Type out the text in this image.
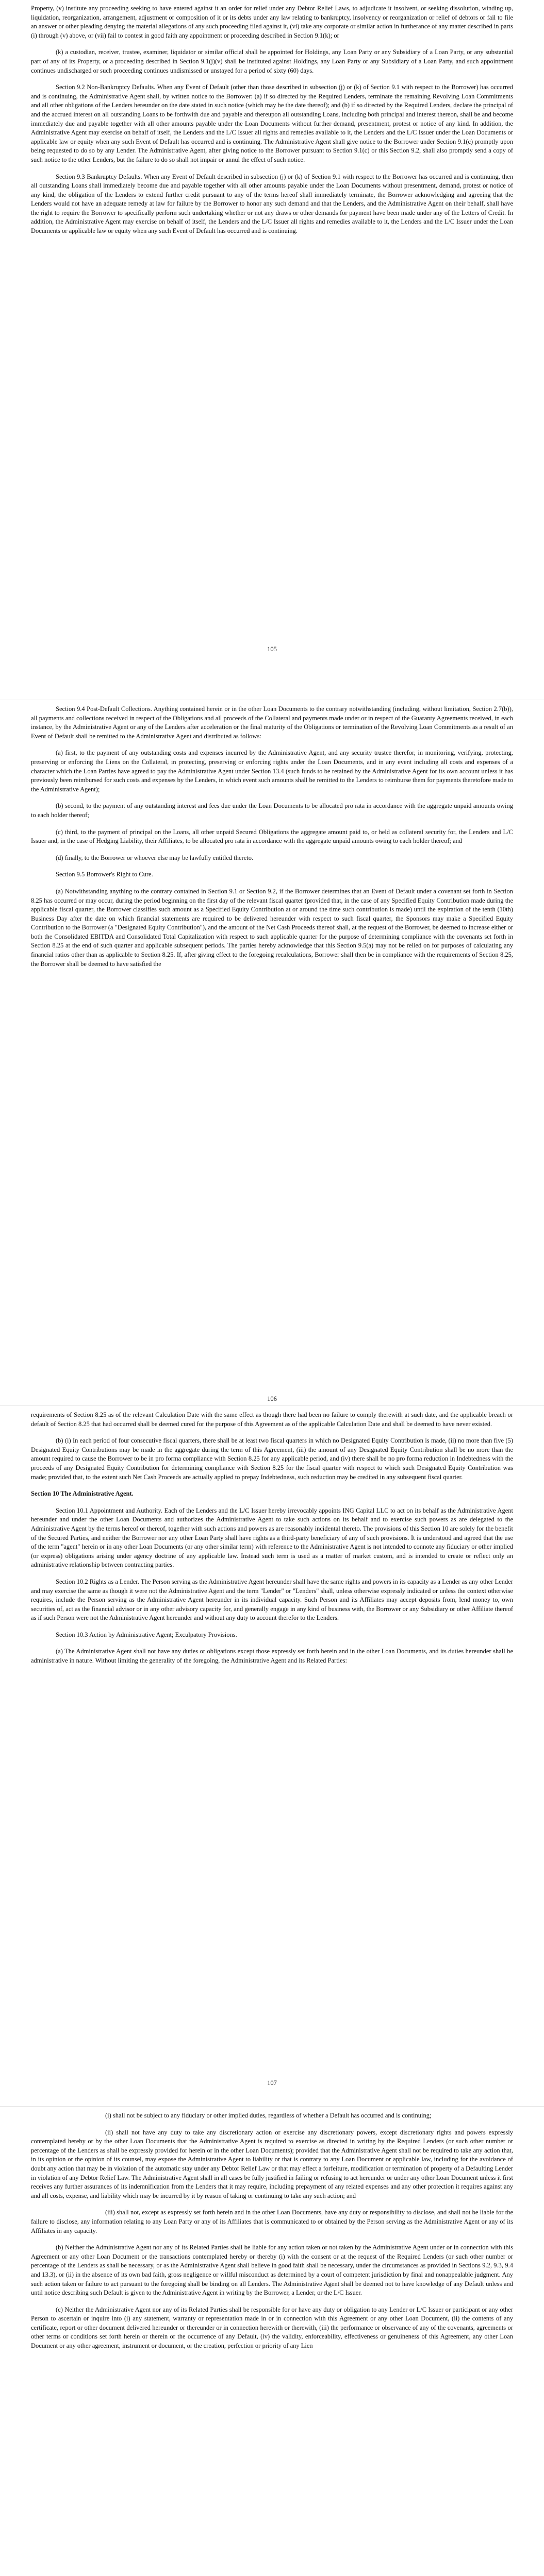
Property, (v) institute any proceeding seeking to have entered against it an order for relief under any Debtor Relief Laws, to adjudicate it insolvent, or seeking dissolution, winding up, liquidation, reorganization, arrangement, adjustment or composition of it or its debts under any law relating to bankruptcy, insolvency or reorganization or relief of debtors or fail to file an answer or other pleading denying the material allegations of any such proceeding filed against it, (vi) take any corporate or similar action in furtherance of any matter described in parts (i) through (v) above, or (vii) fail to contest in good faith any appointment or proceeding described in Section 9.1(k); or

(k) a custodian, receiver, trustee, examiner, liquidator or similar official shall be appointed for Holdings, any Loan Party or any Subsidiary of a Loan Party, or any substantial part of any of its Property, or a proceeding described in Section 9.1(j)(v) shall be instituted against Holdings, any Loan Party or any Subsidiary of a Loan Party, and such appointment continues undischarged or such proceeding continues undismissed or unstayed for a period of sixty (60) days.

Section 9.2 Non-Bankruptcy Defaults. When any Event of Default (other than those described in subsection (j) or (k) of Section 9.1 with respect to the Borrower) has occurred and is continuing, the Administrative Agent shall, by written notice to the Borrower: (a) if so directed by the Required Lenders, terminate the remaining Revolving Loan Commitments and all other obligations of the Lenders hereunder on the date stated in such notice (which may be the date thereof); and (b) if so directed by the Required Lenders, declare the principal of and the accrued interest on all outstanding Loans to be forthwith due and payable and thereupon all outstanding Loans, including both principal and interest thereon, shall be and become immediately due and payable together with all other amounts payable under the Loan Documents without further demand, presentment, protest or notice of any kind. In addition, the Administrative Agent may exercise on behalf of itself, the Lenders and the L/C Issuer all rights and remedies available to it, the Lenders and the L/C Issuer under the Loan Documents or applicable law or equity when any such Event of Default has occurred and is continuing. The Administrative Agent shall give notice to the Borrower under Section 9.1(c) promptly upon being requested to do so by any Lender. The Administrative Agent, after giving notice to the Borrower pursuant to Section 9.1(c) or this Section 9.2, shall also promptly send a copy of such notice to the other Lenders, but the failure to do so shall not impair or annul the effect of such notice.

Section 9.3 Bankruptcy Defaults. When any Event of Default described in subsection (j) or (k) of Section 9.1 with respect to the Borrower has occurred and is continuing, then all outstanding Loans shall immediately become due and payable together with all other amounts payable under the Loan Documents without presentment, demand, protest or notice of any kind, the obligation of the Lenders to extend further credit pursuant to any of the terms hereof shall immediately terminate, the Borrower acknowledging and agreeing that the Lenders would not have an adequate remedy at law for failure by the Borrower to honor any such demand and that the Lenders, and the Administrative Agent on their behalf, shall have the right to require the Borrower to specifically perform such undertaking whether or not any draws or other demands for payment have been made under any of the Letters of Credit. In addition, the Administrative Agent may exercise on behalf of itself, the Lenders and the L/C Issuer all rights and remedies available to it, the Lenders and the L/C Issuer under the Loan Documents or applicable law or equity when any such Event of Default has occurred and is continuing.

105

Section 9.4 Post-Default Collections. Anything contained herein or in the other Loan Documents to the contrary notwithstanding (including, without limitation, Section 2.7(b)), all payments and collections received in respect of the Obligations and all proceeds of the Collateral and payments made under or in respect of the Guaranty Agreements received, in each instance, by the Administrative Agent or any of the Lenders after acceleration or the final maturity of the Obligations or termination of the Revolving Loan Commitments as a result of an Event of Default shall be remitted to the Administrative Agent and distributed as follows:

(a) first, to the payment of any outstanding costs and expenses incurred by the Administrative Agent, and any security trustee therefor, in monitoring, verifying, protecting, preserving or enforcing the Liens on the Collateral, in protecting, preserving or enforcing rights under the Loan Documents, and in any event including all costs and expenses of a character which the Loan Parties have agreed to pay the Administrative Agent under Section 13.4 (such funds to be retained by the Administrative Agent for its own account unless it has previously been reimbursed for such costs and expenses by the Lenders, in which event such amounts shall be remitted to the Lenders to reimburse them for payments theretofore made to the Administrative Agent);

(b) second, to the payment of any outstanding interest and fees due under the Loan Documents to be allocated pro rata in accordance with the aggregate unpaid amounts owing to each holder thereof;

(c) third, to the payment of principal on the Loans, all other unpaid Secured Obligations the aggregate amount paid to, or held as collateral security for, the Lenders and L/C Issuer and, in the case of Hedging Liability, their Affiliates, to be allocated pro rata in accordance with the aggregate unpaid amounts owing to each holder thereof; and

(d) finally, to the Borrower or whoever else may be lawfully entitled thereto.

Section 9.5 Borrower's Right to Cure.

(a) Notwithstanding anything to the contrary contained in Section 9.1 or Section 9.2, if the Borrower determines that an Event of Default under a covenant set forth in Section 8.25 has occurred or may occur, during the period beginning on the first day of the relevant fiscal quarter (provided that, in the case of any Specified Equity Contribution made during the applicable fiscal quarter, the Borrower classifies such amount as a Specified Equity Contribution at or around the time such contribution is made) until the expiration of the tenth (10th) Business Day after the date on which financial statements are required to be delivered hereunder with respect to such fiscal quarter, the Sponsors may make a Specified Equity Contribution to the Borrower (a "Designated Equity Contribution"), and the amount of the Net Cash Proceeds thereof shall, at the request of the Borrower, be deemed to increase either or both the Consolidated EBITDA and Consolidated Total Capitalization with respect to such applicable quarter for the purpose of determining compliance with the covenants set forth in Section 8.25 at the end of such quarter and applicable subsequent periods. The parties hereby acknowledge that this Section 9.5(a) may not be relied on for purposes of calculating any financial ratios other than as applicable to Section 8.25. If, after giving effect to the foregoing recalculations, Borrower shall then be in compliance with the requirements of Section 8.25, the Borrower shall be deemed to have satisfied the

106

requirements of Section 8.25 as of the relevant Calculation Date with the same effect as though there had been no failure to comply therewith at such date, and the applicable breach or default of Section 8.25 that had occurred shall be deemed cured for the purpose of this Agreement as of the applicable Calculation Date and shall be deemed to have never existed.

(b) (i) In each period of four consecutive fiscal quarters, there shall be at least two fiscal quarters in which no Designated Equity Contribution is made, (ii) no more than five (5) Designated Equity Contributions may be made in the aggregate during the term of this Agreement, (iii) the amount of any Designated Equity Contribution shall be no more than the amount required to cause the Borrower to be in pro forma compliance with Section 8.25 for any applicable period, and (iv) there shall be no pro forma reduction in Indebtedness with the proceeds of any Designated Equity Contribution for determining compliance with Section 8.25 for the fiscal quarter with respect to which such Designated Equity Contribution was made; provided that, to the extent such Net Cash Proceeds are actually applied to prepay Indebtedness, such reduction may be credited in any subsequent fiscal quarter.

Section 10 The Administrative Agent.

Section 10.1 Appointment and Authority. Each of the Lenders and the L/C Issuer hereby irrevocably appoints ING Capital LLC to act on its behalf as the Administrative Agent hereunder and under the other Loan Documents and authorizes the Administrative Agent to take such actions on its behalf and to exercise such powers as are delegated to the Administrative Agent by the terms hereof or thereof, together with such actions and powers as are reasonably incidental thereto. The provisions of this Section 10 are solely for the benefit of the Secured Parties, and neither the Borrower nor any other Loan Party shall have rights as a third-party beneficiary of any of such provisions. It is understood and agreed that the use of the term "agent" herein or in any other Loan Documents (or any other similar term) with reference to the Administrative Agent is not intended to connote any fiduciary or other implied (or express) obligations arising under agency doctrine of any applicable law. Instead such term is used as a matter of market custom, and is intended to create or reflect only an administrative relationship between contracting parties.

Section 10.2 Rights as a Lender. The Person serving as the Administrative Agent hereunder shall have the same rights and powers in its capacity as a Lender as any other Lender and may exercise the same as though it were not the Administrative Agent and the term "Lender" or "Lenders" shall, unless otherwise expressly indicated or unless the context otherwise requires, include the Person serving as the Administrative Agent hereunder in its individual capacity. Such Person and its Affiliates may accept deposits from, lend money to, own securities of, act as the financial advisor or in any other advisory capacity for, and generally engage in any kind of business with, the Borrower or any Subsidiary or other Affiliate thereof as if such Person were not the Administrative Agent hereunder and without any duty to account therefor to the Lenders.

Section 10.3 Action by Administrative Agent; Exculpatory Provisions.

(a) The Administrative Agent shall not have any duties or obligations except those expressly set forth herein and in the other Loan Documents, and its duties hereunder shall be administrative in nature. Without limiting the generality of the foregoing, the Administrative Agent and its Related Parties:

107

(i) shall not be subject to any fiduciary or other implied duties, regardless of whether a Default has occurred and is continuing;

(ii) shall not have any duty to take any discretionary action or exercise any discretionary powers, except discretionary rights and powers expressly contemplated hereby or by the other Loan Documents that the Administrative Agent is required to exercise as directed in writing by the Required Lenders (or such other number or percentage of the Lenders as shall be expressly provided for herein or in the other Loan Documents); provided that the Administrative Agent shall not be required to take any action that, in its opinion or the opinion of its counsel, may expose the Administrative Agent to liability or that is contrary to any Loan Document or applicable law, including for the avoidance of doubt any action that may be in violation of the automatic stay under any Debtor Relief Law or that may effect a forfeiture, modification or termination of property of a Defaulting Lender in violation of any Debtor Relief Law. The Administrative Agent shall in all cases be fully justified in failing or refusing to act hereunder or under any other Loan Document unless it first receives any further assurances of its indemnification from the Lenders that it may require, including prepayment of any related expenses and any other protection it requires against any and all costs, expense, and liability which may be incurred by it by reason of taking or continuing to take any such action; and

(iii) shall not, except as expressly set forth herein and in the other Loan Documents, have any duty or responsibility to disclose, and shall not be liable for the failure to disclose, any information relating to any Loan Party or any of its Affiliates that is communicated to or obtained by the Person serving as the Administrative Agent or any of its Affiliates in any capacity.

(b) Neither the Administrative Agent nor any of its Related Parties shall be liable for any action taken or not taken by the Administrative Agent under or in connection with this Agreement or any other Loan Document or the transactions contemplated hereby or thereby (i) with the consent or at the request of the Required Lenders (or such other number or percentage of the Lenders as shall be necessary, or as the Administrative Agent shall believe in good faith shall be necessary, under the circumstances as provided in Sections 9.2, 9.3, 9.4 and 13.3), or (ii) in the absence of its own bad faith, gross negligence or willful misconduct as determined by a court of competent jurisdiction by final and nonappealable judgment. Any such action taken or failure to act pursuant to the foregoing shall be binding on all Lenders. The Administrative Agent shall be deemed not to have knowledge of any Default unless and until notice describing such Default is given to the Administrative Agent in writing by the Borrower, a Lender, or the L/C Issuer.

(c) Neither the Administrative Agent nor any of its Related Parties shall be responsible for or have any duty or obligation to any Lender or L/C Issuer or participant or any other Person to ascertain or inquire into (i) any statement, warranty or representation made in or in connection with this Agreement or any other Loan Document, (ii) the contents of any certificate, report or other document delivered hereunder or thereunder or in connection herewith or therewith, (iii) the performance or observance of any of the covenants, agreements or other terms or conditions set forth herein or therein or the occurrence of any Default, (iv) the validity, enforceability, effectiveness or genuineness of this Agreement, any other Loan Document or any other agreement, instrument or document, or the creation, perfection or priority of any Lien
